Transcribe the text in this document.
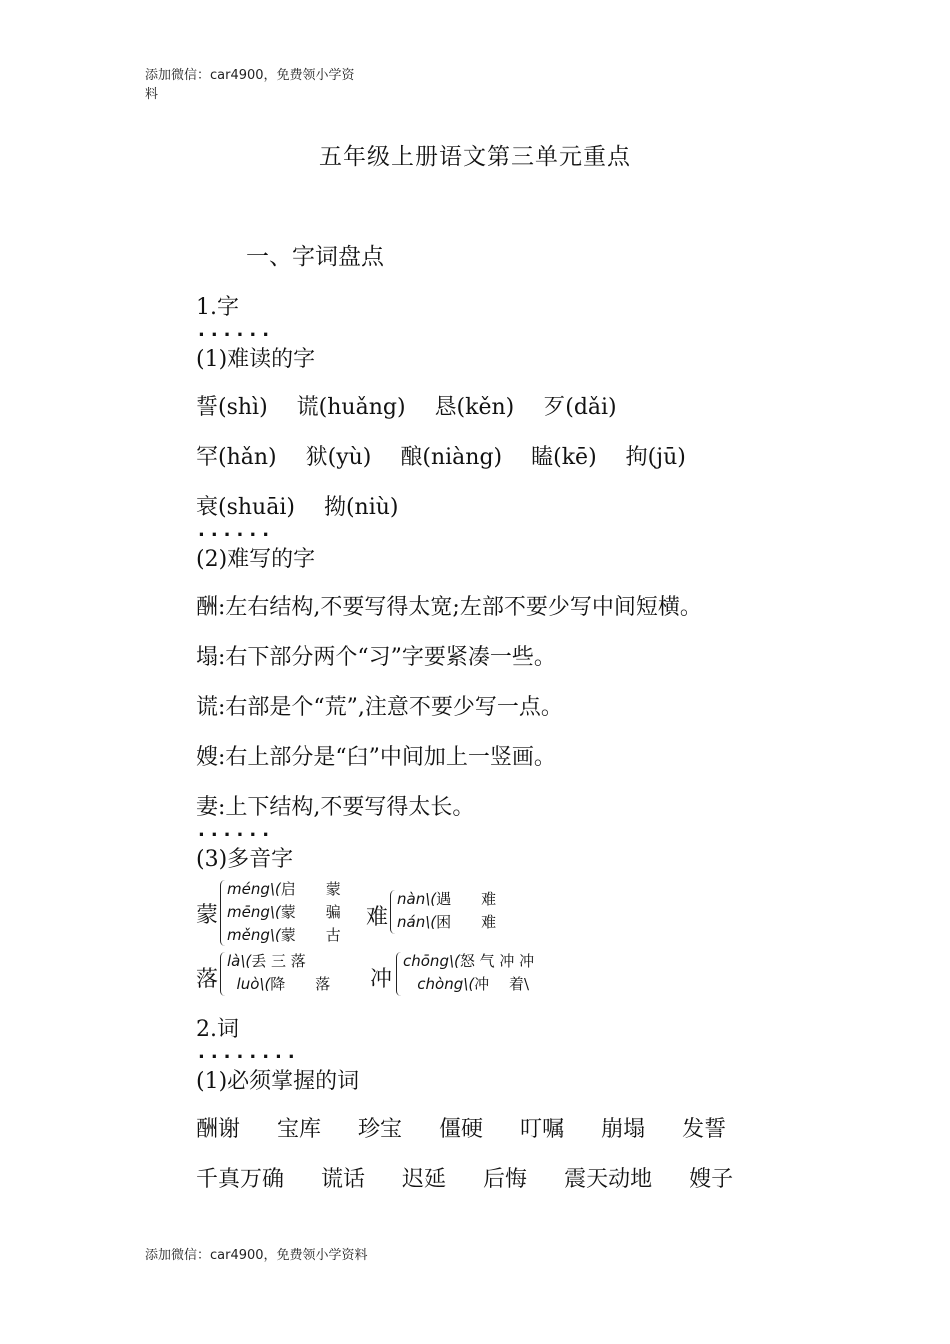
添加微信：car4900，免费领小学资
料
五年级上册语文第三单元重点
一、字词盘点
1.字
......
(1)难读的字
誓(shì) 谎(huǎng) 恳(kěn) 歹(dǎi)
罕(hǎn) 狱(yù) 酿(niàng) 瞌(kē) 拘(jū)
衰(shuāi) 拗(niù)
......
(2)难写的字
酬:左右结构,不要写得太宽;左部不要少写中间短横。
塌:右下部分两个“习”字要紧凑一些。
谎:右部是个“荒”,注意不要少写一点。
嫂:右上部分是“臼”中间加上一竖画。
妻:上下结构,不要写得太长。
......
(3)多音字
蒙
méng\(启　　蒙
mēng\(蒙　　骗
měng\(蒙　　古
难
nàn\(遇　　难
nán\(困　　难
落
là\(丢 三 落
luò\(降　　落	冲
chōng\(怒 气 冲 冲
chòng\(冲　 着\
2.词
........
(1)必须掌握的词
酬谢 宝库 珍宝 僵硬 叮嘱 崩塌 发誓
千真万确 谎话 迟延 后悔 震天动地 嫂子
添加微信：car4900，免费领小学资料
